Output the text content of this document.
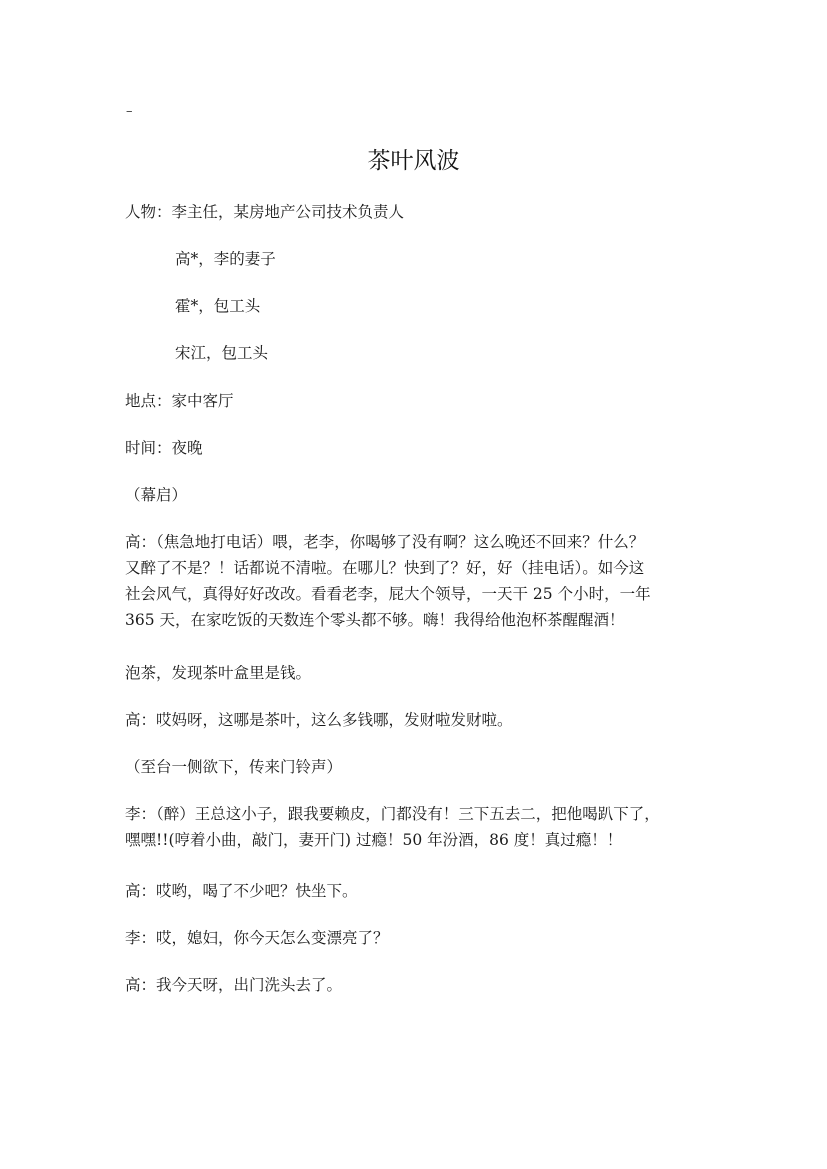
–
茶叶风波
人物：李主任，某房地产公司技术负责人
高*，李的妻子
霍*，包工头
宋江，包工头
地点：家中客厅
时间：夜晚
（幕启）
高：（焦急地打电话）喂，老李，你喝够了没有啊？这么晚还不回来？什么？
又醉了不是？！话都说不清啦。在哪儿？快到了？好，好（挂电话）。如今这
社会风气，真得好好改改。看看老李，屁大个领导，一天干 25 个小时，一年
365 天，在家吃饭的天数连个零头都不够。嗨！我得给他泡杯茶醒醒酒！
泡茶，发现茶叶盒里是钱。
高：哎妈呀，这哪是茶叶，这么多钱哪，发财啦发财啦。
（至台一侧欲下，传来门铃声）
李：（醉）王总这小子，跟我要赖皮，门都没有！三下五去二，把他喝趴下了，
嘿嘿!!(哼着小曲，敲门，妻开门) 过瘾！50 年汾酒，86 度！真过瘾！！
高：哎哟，喝了不少吧？快坐下。
李：哎，媳妇，你今天怎么变漂亮了？
高：我今天呀，出门洗头去了。
